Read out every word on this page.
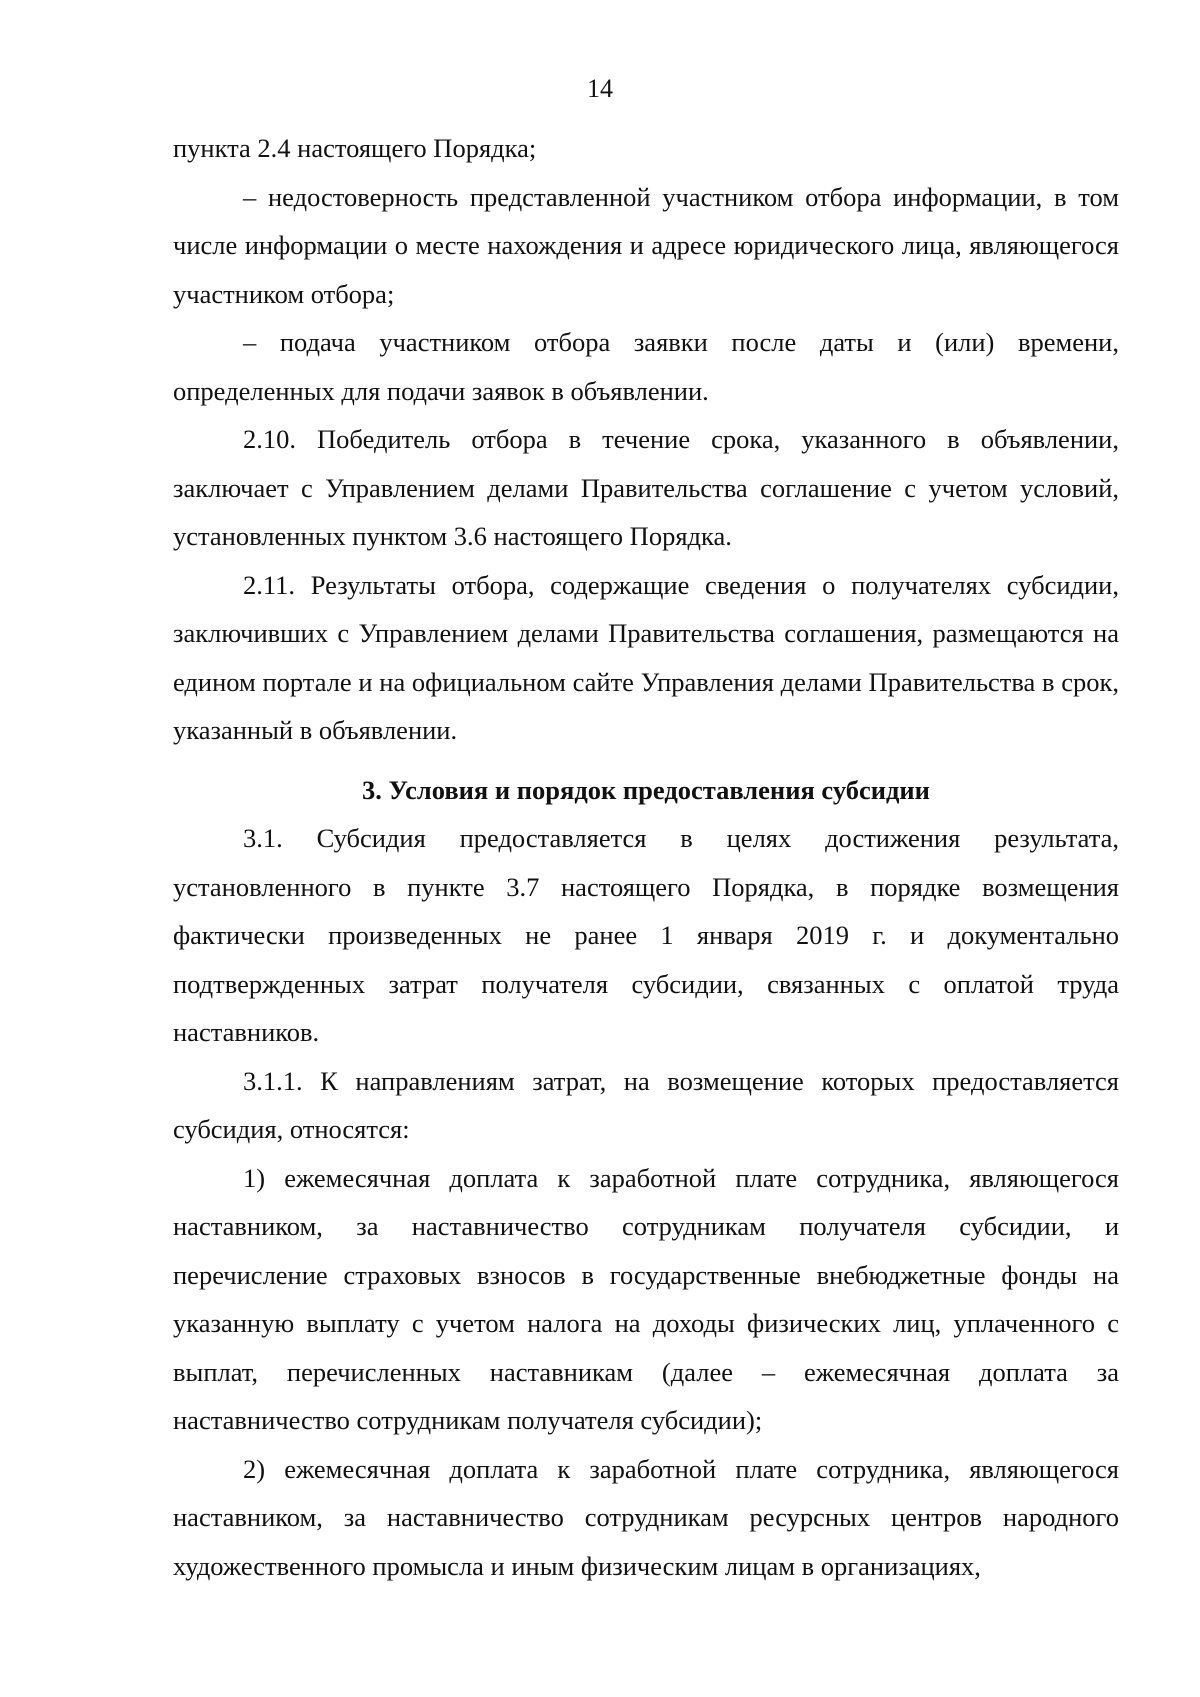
14

пункта 2.4 настоящего Порядка;

– недостоверность представленной участником отбора информации, в том числе информации о месте нахождения и адресе юридического лица, являющегося участником отбора;

– подача участником отбора заявки после даты и (или) времени, определенных для подачи заявок в объявлении.

2.10. Победитель отбора в течение срока, указанного в объявлении, заключает с Управлением делами Правительства соглашение с учетом условий, установленных пунктом 3.6 настоящего Порядка.

2.11. Результаты отбора, содержащие сведения о получателях субсидии, заключивших с Управлением делами Правительства соглашения, размещаются на едином портале и на официальном сайте Управления делами Правительства в срок, указанный в объявлении.

3. Условия и порядок предоставления субсидии

3.1. Субсидия предоставляется в целях достижения результата, установленного в пункте 3.7 настоящего Порядка, в порядке возмещения фактически произведенных не ранее 1 января 2019 г. и документально подтвержденных затрат получателя субсидии, связанных с оплатой труда наставников.

3.1.1. К направлениям затрат, на возмещение которых предоставляется субсидия, относятся:

1) ежемесячная доплата к заработной плате сотрудника, являющегося наставником, за наставничество сотрудникам получателя субсидии, и перечисление страховых взносов в государственные внебюджетные фонды на указанную выплату с учетом налога на доходы физических лиц, уплаченного с выплат, перечисленных наставникам (далее – ежемесячная доплата за наставничество сотрудникам получателя субсидии);

2) ежемесячная доплата к заработной плате сотрудника, являющегося наставником, за наставничество сотрудникам ресурсных центров народного художественного промысла и иным физическим лицам в организациях,
